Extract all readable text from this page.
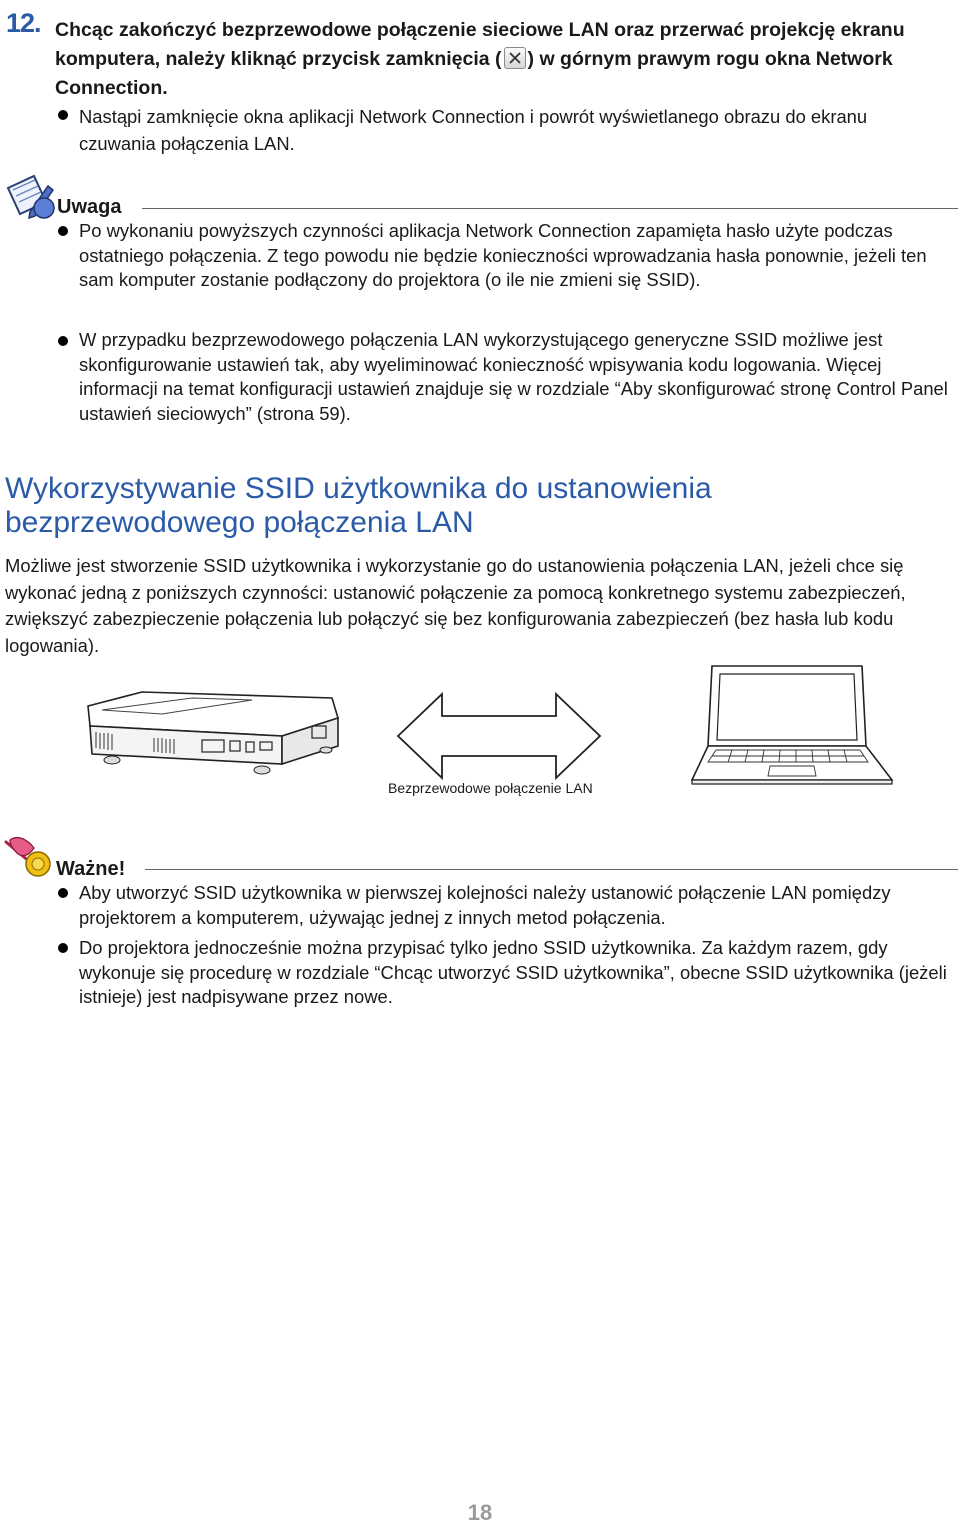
12. Chcąc zakończyć bezprzewodowe połączenie sieciowe LAN oraz przerwać projekcję ekranu komputera, należy kliknąć przycisk zamknięcia ( ) w górnym prawym rogu okna Network Connection.
Nastąpi zamknięcie okna aplikacji Network Connection i powrót wyświetlanego obrazu do ekranu czuwania połączenia LAN.
Uwaga
Po wykonaniu powyższych czynności aplikacja Network Connection zapamięta hasło użyte podczas ostatniego połączenia. Z tego powodu nie będzie konieczności wprowadzania hasła ponownie, jeżeli ten sam komputer zostanie podłączony do projektora (o ile nie zmieni się SSID).
W przypadku bezprzewodowego połączenia LAN wykorzystującego generyczne SSID możliwe jest skonfigurowanie ustawień tak, aby wyeliminować konieczność wpisywania kodu logowania. Więcej informacji na temat konfiguracji ustawień znajduje się w rozdziale “Aby skonfigurować stronę Control Panel ustawień sieciowych” (strona 59).
Wykorzystywanie SSID użytkownika do ustanowienia bezprzewodowego połączenia LAN
Możliwe jest stworzenie SSID użytkownika i wykorzystanie go do ustanowienia połączenia LAN, jeżeli chce się wykonać jedną z poniższych czynności: ustanowić połączenie za pomocą konkretnego systemu zabezpieczeń, zwiększyć zabezpieczenie połączenia lub połączyć się bez konfigurowania zabezpieczeń (bez hasła lub kodu logowania).
Bezprzewodowe połączenie LAN
Ważne!
Aby utworzyć SSID użytkownika w pierwszej kolejności należy ustanowić połączenie LAN pomiędzy projektorem a komputerem, używając jednej z innych metod połączenia.
Do projektora jednocześnie można przypisać tylko jedno SSID użytkownika. Za każdym razem, gdy wykonuje się procedurę w rozdziale “Chcąc utworzyć SSID użytkownika”, obecne SSID użytkownika (jeżeli istnieje) jest nadpisywane przez nowe.
18
